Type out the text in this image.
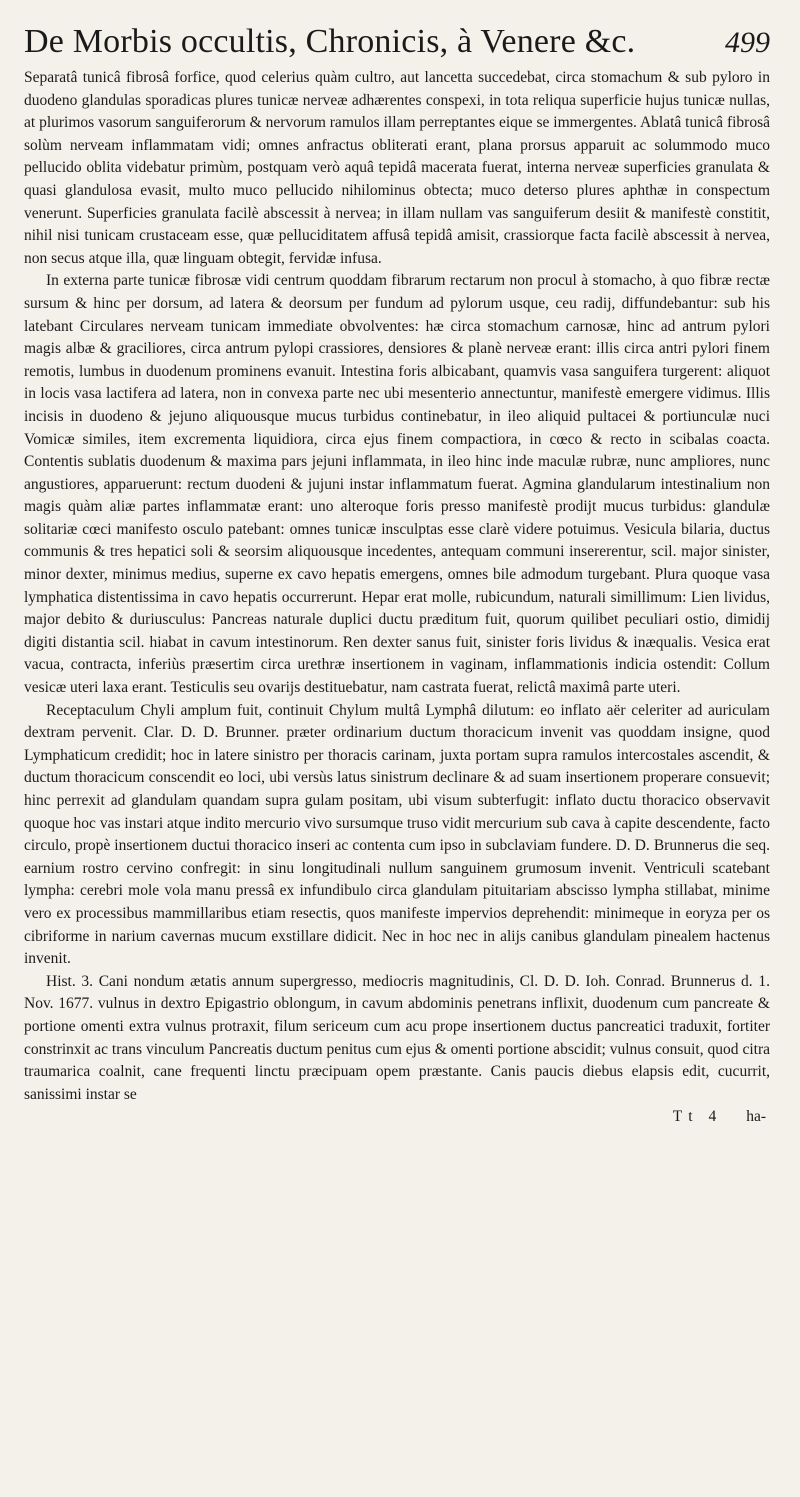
De Morbis occultis, Chronicis, à Venere &c.	499

Separatâ tunicâ fibrosâ forfice, quod celerius quàm cultro, aut lancetta succedebat, circa stomachum & sub pyloro in duodeno glandulas sporadicas plures tunicæ nerveæ adhærentes conspexi, in tota reliqua superficie hujus tunicæ nullas, at plurimos vasorum sanguiferorum & nervorum ramulos illam perreptantes eique se immergentes. Ablatâ tunicâ fibrosâ solùm nerveam inflammatam vidi; omnes anfractus obliterati erant, plana prorsus apparuit ac solummodo muco pellucido oblita videbatur primùm, postquam verò aquâ tepidâ macerata fuerat, interna nerveæ superficies granulata & quasi glandulosa evasit, multo muco pellucido nihilominus obtecta; muco deterso plures aphthæ in conspectum venerunt. Superficies granulata facilè abscessit à nervea; in illam nullam vas sanguiferum desiit & manifestè constitit, nihil nisi tunicam crustaceam esse, quæ pelluciditatem affusâ tepidâ amisit, crassiorque facta facilè abscessit à nervea, non secus atque illa, quæ linguam obtegit, fervidæ infusa.

In externa parte tunicæ fibrosæ vidi centrum quoddam fibrarum rectarum non procul à stomacho, à quo fibræ rectæ sursum & hinc per dorsum, ad latera & deorsum per fundum ad pylorum usque, ceu radij, diffundebantur: sub his latebant Circulares nerveam tunicam immediate obvolventes: hæ circa stomachum carnosæ, hinc ad antrum pylori magis albæ & graciliores, circa antrum pylopi crassiores, densiores & planè nerveæ erant: illis circa antri pylori finem remotis, lumbus in duodenum prominens evanuit. Intestina foris albicabant, quamvis vasa sanguifera turgerent: aliquot in locis vasa lactifera ad latera, non in convexa parte nec ubi mesenterio annectuntur, manifestè emergere vidimus. Illis incisis in duodeno & jejuno aliquousque mucus turbidus continebatur, in ileo aliquid pultacei & portiunculæ nuci Vomicæ similes, item excrementa liquidiora, circa ejus finem compactiora, in cœco & recto in scibalas coacta. Contentis sublatis duodenum & maxima pars jejuni inflammata, in ileo hinc inde maculæ rubræ, nunc ampliores, nunc angustiores, apparuerunt: rectum duodeni & jujuni instar inflammatum fuerat. Agmina glandularum intestinalium non magis quàm aliæ partes inflammatæ erant: uno alteroque foris presso manifestè prodijt mucus turbidus: glandulæ solitariæ cœci manifesto osculo patebant: omnes tunicæ insculptas esse clarè videre potuimus. Vesicula bilaria, ductus communis & tres hepatici soli & seorsim aliquousque incedentes, antequam communi insererentur, scil. major sinister, minor dexter, minimus medius, superne ex cavo hepatis emergens, omnes bile admodum turgebant. Plura quoque vasa lymphatica distentissima in cavo hepatis occurrerunt. Hepar erat molle, rubicundum, naturali simillimum: Lien lividus, major debito & duriusculus: Pancreas naturale duplici ductu præditum fuit, quorum quilibet peculiari ostio, dimidij digiti distantia scil. hiabat in cavum intestinorum. Ren dexter sanus fuit, sinister foris lividus & inæqualis. Vesica erat vacua, contracta, inferiùs præsertim circa urethræ insertionem in vaginam, inflammationis indicia ostendit: Collum vesicæ uteri laxa erant. Testiculis seu ovarijs destituebatur, nam castrata fuerat, relictâ maximâ parte uteri.

Receptaculum Chyli amplum fuit, continuit Chylum multâ Lymphâ dilutum: eo inflato aër celeriter ad auriculam dextram pervenit. Clar. D. D. Brunner. præter ordinarium ductum thoracicum invenit vas quoddam insigne, quod Lymphaticum credidit; hoc in latere sinistro per thoracis carinam, juxta portam supra ramulos intercostales ascendit, & ductum thoracicum conscendit eo loci, ubi versùs latus sinistrum declinare & ad suam insertionem properare consuevit; hinc perrexit ad glandulam quandam supra gulam positam, ubi visum subterfugit: inflato ductu thoracico observavit quoque hoc vas instari atque indito mercurio vivo sursumque truso vidit mercurium sub cava à capite descendente, facto circulo, propè insertionem ductui thoracico inseri ac contenta cum ipso in subclaviam fundere. D. D. Brunnerus die seq. earnium rostro cervino confregit: in sinu longitudinali nullum sanguinem grumosum invenit. Ventriculi scatebant lympha: cerebri mole vola manu pressâ ex infundibulo circa glandulam pituitariam abscisso lympha stillabat, minime vero ex processibus mammillaribus etiam resectis, quos manifeste impervios deprehendit: minimeque in eoryza per os cibriforme in narium cavernas mucum exstillare didicit. Nec in hoc nec in alijs canibus glandulam pinealem hactenus invenit.

Hist. 3. Cani nondum ætatis annum supergresso, mediocris magnitudinis, Cl. D. D. Ioh. Conrad. Brunnerus d. 1. Nov. 1677. vulnus in dextro Epigastrio oblongum, in cavum abdominis penetrans inflixit, duodenum cum pancreate & portione omenti extra vulnus protraxit, filum sericeum cum acu prope insertionem ductus pancreatici traduxit, fortiter constrinxit ac trans vinculum Pancreatis ductum penitus cum ejus & omenti portione abscidit; vulnus consuit, quod citra traumarica coalnit, cane frequenti linctu præcipuam opem præstante. Canis paucis diebus elapsis edit, cucurrit, sanissimi instar se

Tt 4 ha-
